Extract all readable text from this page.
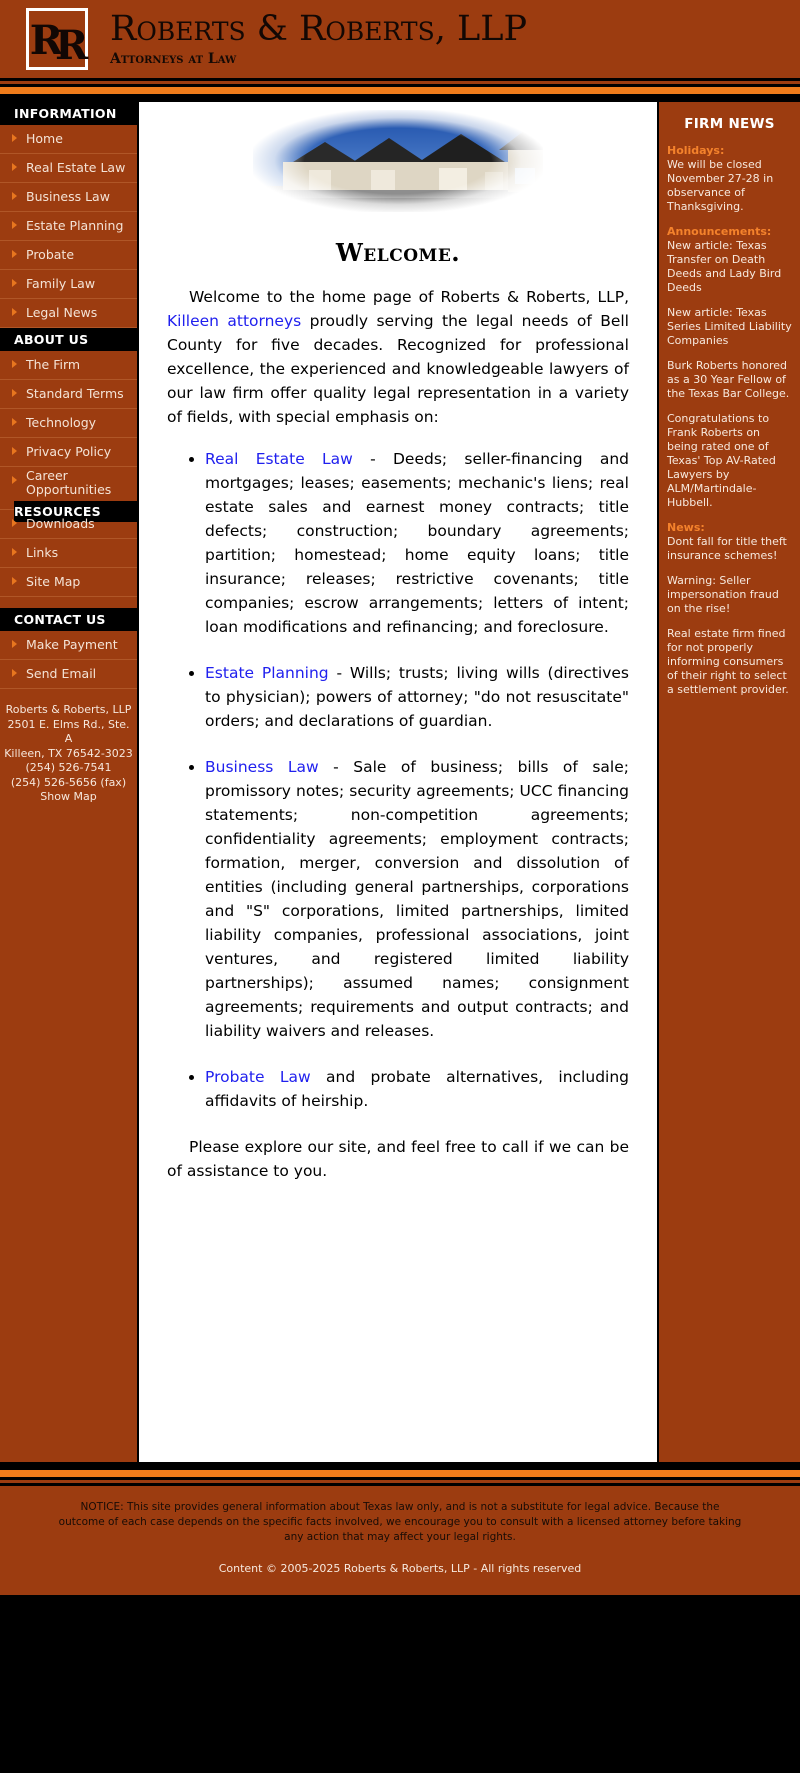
RR Roberts & Roberts, LLP
Attorneys at Law
INFORMATION
Home
Real Estate Law
Business Law
Estate Planning
Probate
Family Law
Legal News
ABOUT US
The Firm
Standard Terms
Technology
Privacy Policy
Career Opportunities
RESOURCES
Downloads
Links
Site Map
CONTACT US
Make Payment
Send Email
Roberts & Roberts, LLP
2501 E. Elms Rd., Ste. A
Killeen, TX 76542-3023
(254) 526-7541
(254) 526-5656 (fax)
Show Map
Welcome.

Welcome to the home page of Roberts & Roberts, LLP, Killeen attorneys proudly serving the legal needs of Bell County for five decades. Recognized for professional excellence, the experienced and knowledgeable lawyers of our law firm offer quality legal representation in a variety of fields, with special emphasis on:

• Real Estate Law - Deeds; seller-financing and mortgages; leases; easements; mechanic's liens; real estate sales and earnest money contracts; title defects; construction; boundary agreements; partition; homestead; home equity loans; title insurance; releases; restrictive covenants; title companies; escrow arrangements; letters of intent; loan modifications and refinancing; and foreclosure.
• Estate Planning - Wills; trusts; living wills (directives to physician); powers of attorney; "do not resuscitate" orders; and declarations of guardian.
• Business Law - Sale of business; bills of sale; promissory notes; security agreements; UCC financing statements; non-competition agreements; confidentiality agreements; employment contracts; formation, merger, conversion and dissolution of entities (including general partnerships, corporations and "S" corporations, limited partnerships, limited liability companies, professional associations, joint ventures, and registered limited liability partnerships); assumed names; consignment agreements; requirements and output contracts; and liability waivers and releases.
• Probate Law and probate alternatives, including affidavits of heirship.

Please explore our site, and feel free to call if we can be of assistance to you.

FIRM NEWS
Holidays:
We will be closed November 27-28 in observance of Thanksgiving.
Announcements:
New article: Texas Transfer on Death Deeds and Lady Bird Deeds
New article: Texas Series Limited Liability Companies
Burk Roberts honored as a 30 Year Fellow of the Texas Bar College.
Congratulations to Frank Roberts on being rated one of Texas' Top AV-Rated Lawyers by ALM/Martindale-Hubbell.
News:
Dont fall for title theft insurance schemes!
Warning: Seller impersonation fraud on the rise!
Real estate firm fined for not properly informing consumers of their right to select a settlement provider.
NOTICE: This site provides general information about Texas law only, and is not a substitute for legal advice. Because the outcome of each case depends on the specific facts involved, we encourage you to consult with a licensed attorney before taking any action that may affect your legal rights.
Content © 2005-2025 Roberts & Roberts, LLP - All rights reserved
